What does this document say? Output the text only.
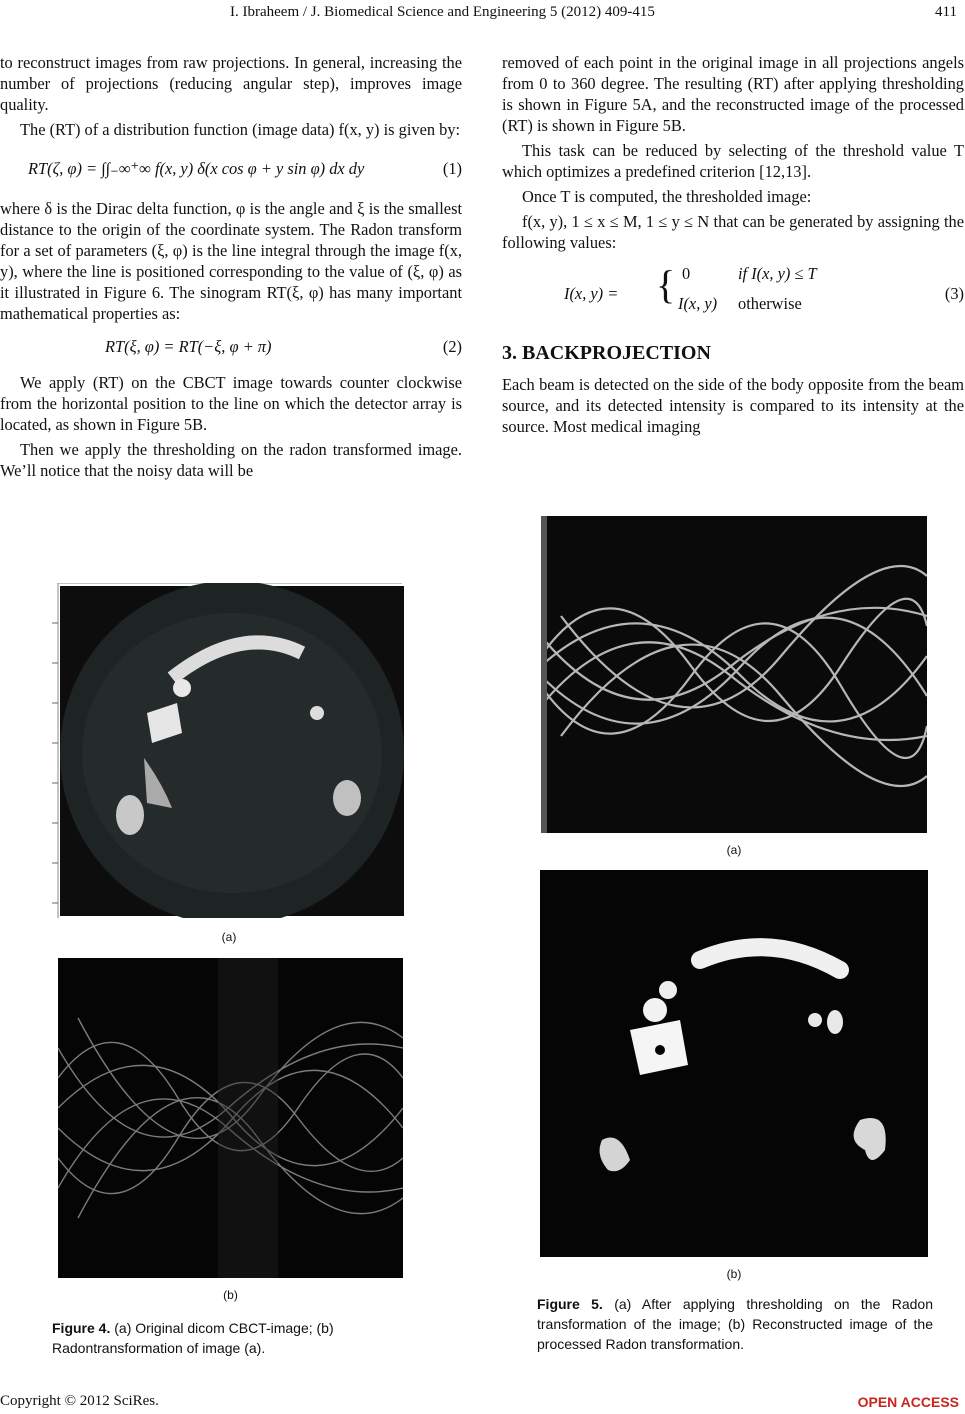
I. Ibraheem / J. Biomedical Science and Engineering 5 (2012) 409-415	411

to reconstruct images from raw projections. In general, increasing the number of projections (reducing angular step), improves image quality.

The (RT) of a distribution function (image data) f(x, y) is given by:

RT(ζ, φ) = ∫∫₋∞⁺∞ f(x, y) δ(x cos φ + y sin φ) dx dy	(1)

where δ is the Dirac delta function, φ is the angle and ξ is the smallest distance to the origin of the coordinate system. The Radon transform for a set of parameters (ξ, φ) is the line integral through the image f(x, y), where the line is positioned corresponding to the value of (ξ, φ) as it illustrated in Figure 6. The sinogram RT(ξ, φ) has many important mathematical properties as:

RT(ξ, φ) = RT(−ξ, φ + π)	(2)

We apply (RT) on the CBCT image towards counter clockwise from the horizontal position to the line on which the detector array is located, as shown in Figure 5B.

Then we apply the thresholding on the radon transformed image. We’ll notice that the noisy data will be

(a)
(b)
Figure 4. (a) Original dicom CBCT-image; (b) Radontransformation of image (a).

removed of each point in the original image in all projections angels from 0 to 360 degree. The resulting (RT) after applying thresholding is shown in Figure 5A, and the reconstructed image of the processed (RT) is shown in Figure 5B.

This task can be reduced by selecting of the threshold value T which optimizes a predefined criterion [12,13].

Once T is computed, the thresholded image:

f(x, y), 1 ≤ x ≤ M, 1 ≤ y ≤ N that can be generated by assigning the following values:

I(x, y) = { 0	if I(x, y) ≤ T
I(x, y) otherwise
(3)
3. BACKPROJECTION

Each beam is detected on the side of the body opposite from the beam source, and its detected intensity is compared to its intensity at the source. Most medical imaging

(a)
(b)
Figure 5. (a) After applying thresholding on the Radon transformation of the image; (b) Reconstructed image of the processed Radon transformation.
Copyright © 2012 SciRes.	OPEN ACCESS
